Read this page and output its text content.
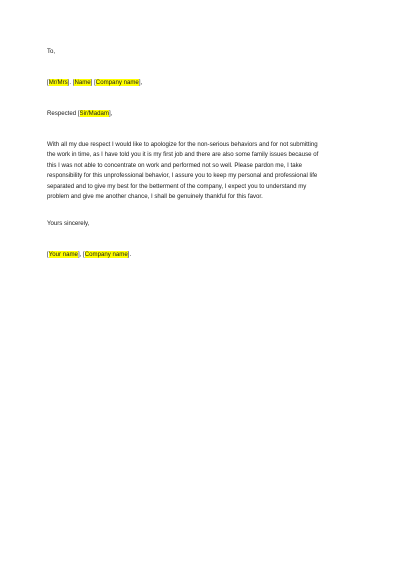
To,
[Mr/Mrs]. [Name] [Company name],
Respected [Sir/Madam],
With all my due respect I would like to apologize for the non-serious behaviors and for not submitting
the work in time, as I have told you it is my first job and there are also some family issues because of
this I was not able to concentrate on work and performed not so well. Please pardon me, I take
responsibility for this unprofessional behavior, I assure you to keep my personal and professional life
separated and to give my best for the betterment of the company, I expect you to understand my
problem and give me another chance, I shall be genuinely thankful for this favor.
Yours sincerely,
[Your name], [Company name].
